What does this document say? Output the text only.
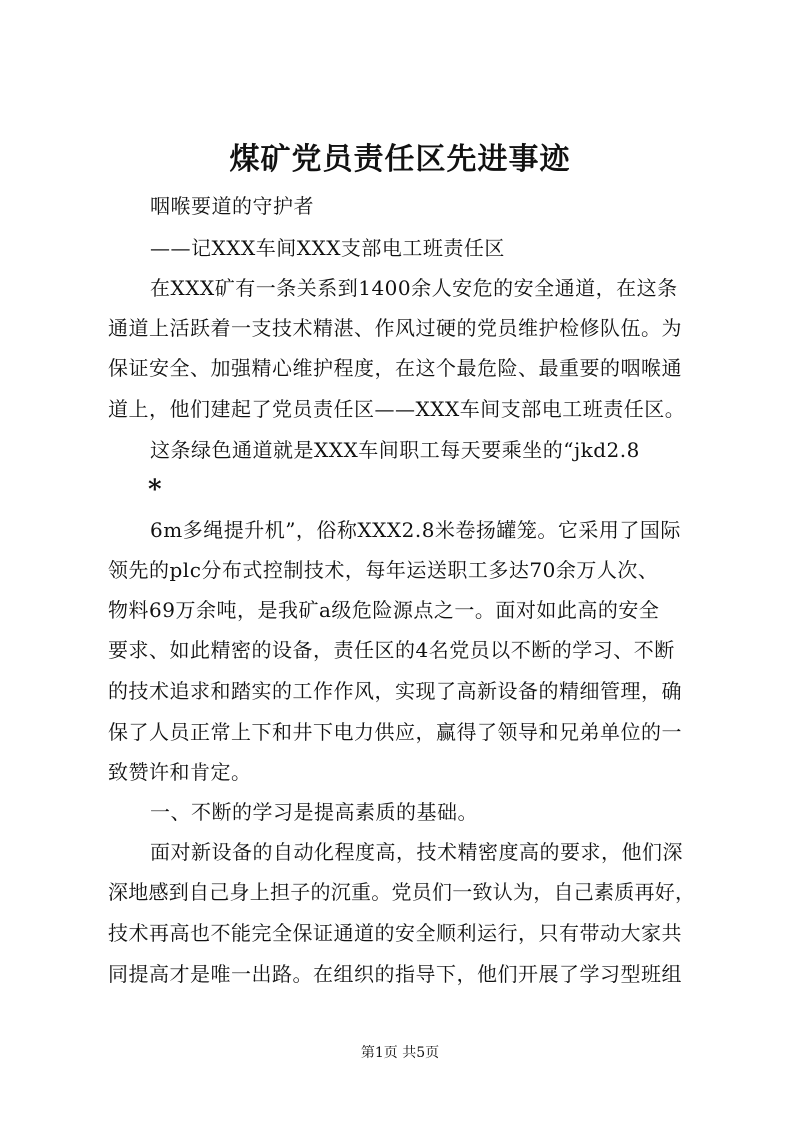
煤矿党员责任区先进事迹
咽喉要道的守护者
——记XXX车间XXX支部电工班责任区
在XXX矿有一条关系到1400余人安危的安全通道，在这条
通道上活跃着一支技术精湛、作风过硬的党员维护检修队伍。为
保证安全、加强精心维护程度，在这个最危险、最重要的咽喉通
道上，他们建起了党员责任区——XXX车间支部电工班责任区。
这条绿色通道就是XXX车间职工每天要乘坐的“jkd2.8
*
6m多绳提升机”，俗称XXX2.8米卷扬罐笼。它采用了国际
领先的plc分布式控制技术，每年运送职工多达70余万人次、
物料69万余吨，是我矿a级危险源点之一。面对如此高的安全
要求、如此精密的设备，责任区的4名党员以不断的学习、不断
的技术追求和踏实的工作作风，实现了高新设备的精细管理，确
保了人员正常上下和井下电力供应，赢得了领导和兄弟单位的一
致赞许和肯定。
一、不断的学习是提高素质的基础。
面对新设备的自动化程度高，技术精密度高的要求，他们深
深地感到自己身上担子的沉重。党员们一致认为，自己素质再好，
技术再高也不能完全保证通道的安全顺利运行，只有带动大家共
同提高才是唯一出路。在组织的指导下，他们开展了学习型班组
第1页 共5页
